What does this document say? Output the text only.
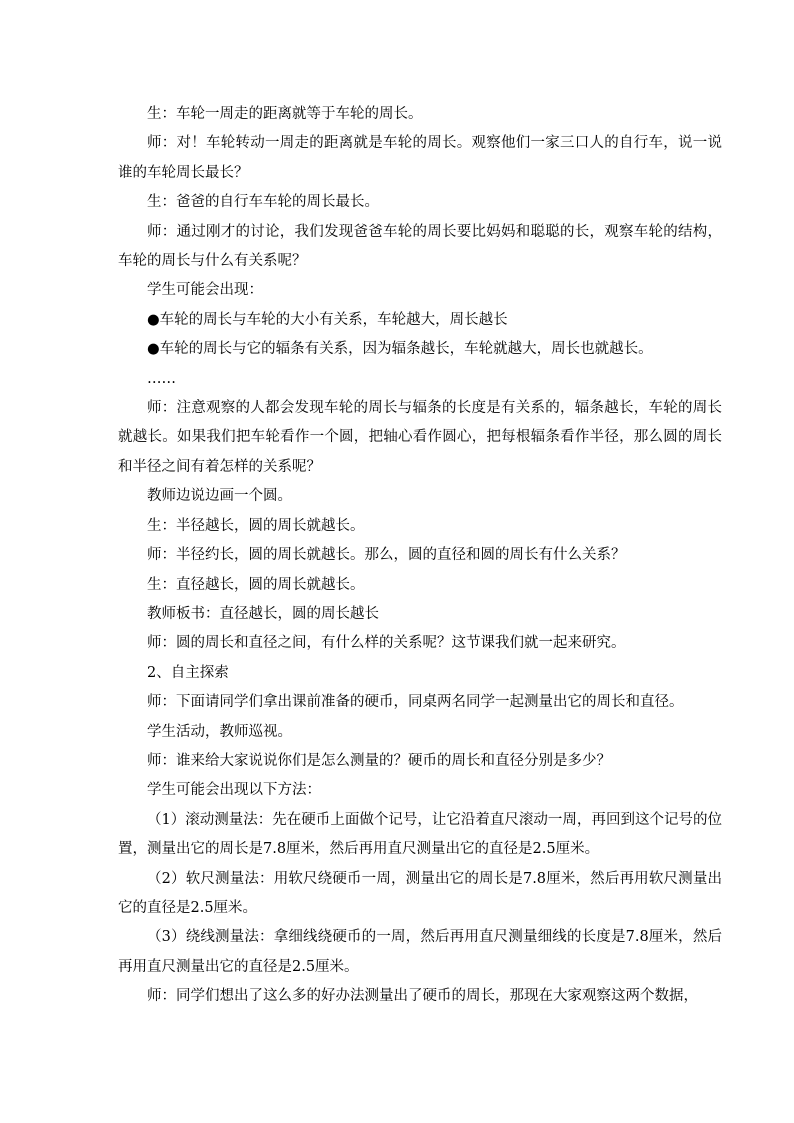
生：车轮一周走的距离就等于车轮的周长。

师：对！车轮转动一周走的距离就是车轮的周长。观察他们一家三口人的自行车，说一说谁的车轮周长最长？

生：爸爸的自行车车轮的周长最长。

师：通过刚才的讨论，我们发现爸爸车轮的周长要比妈妈和聪聪的长，观察车轮的结构，车轮的周长与什么有关系呢？

学生可能会出现：

●车轮的周长与车轮的大小有关系，车轮越大，周长越长

●车轮的周长与它的辐条有关系，因为辐条越长，车轮就越大，周长也就越长。

……

师：注意观察的人都会发现车轮的周长与辐条的长度是有关系的，辐条越长，车轮的周长就越长。如果我们把车轮看作一个圆，把轴心看作圆心，把每根辐条看作半径，那么圆的周长和半径之间有着怎样的关系呢？

教师边说边画一个圆。

生：半径越长，圆的周长就越长。

师：半径约长，圆的周长就越长。那么，圆的直径和圆的周长有什么关系？

生：直径越长，圆的周长就越长。

教师板书：直径越长，圆的周长越长

师：圆的周长和直径之间，有什么样的关系呢？这节课我们就一起来研究。

2、自主探索

师：下面请同学们拿出课前准备的硬币，同桌两名同学一起测量出它的周长和直径。

学生活动，教师巡视。

师：谁来给大家说说你们是怎么测量的？硬币的周长和直径分别是多少？

学生可能会出现以下方法：

（1）滚动测量法：先在硬币上面做个记号，让它沿着直尺滚动一周，再回到这个记号的位置，测量出它的周长是7.8厘米，然后再用直尺测量出它的直径是2.5厘米。

（2）软尺测量法：用软尺绕硬币一周，测量出它的周长是7.8厘米，然后再用软尺测量出它的直径是2.5厘米。

（3）绕线测量法：拿细线绕硬币的一周，然后再用直尺测量细线的长度是7.8厘米，然后再用直尺测量出它的直径是2.5厘米。

师：同学们想出了这么多的好办法测量出了硬币的周长，那现在大家观察这两个数据，
